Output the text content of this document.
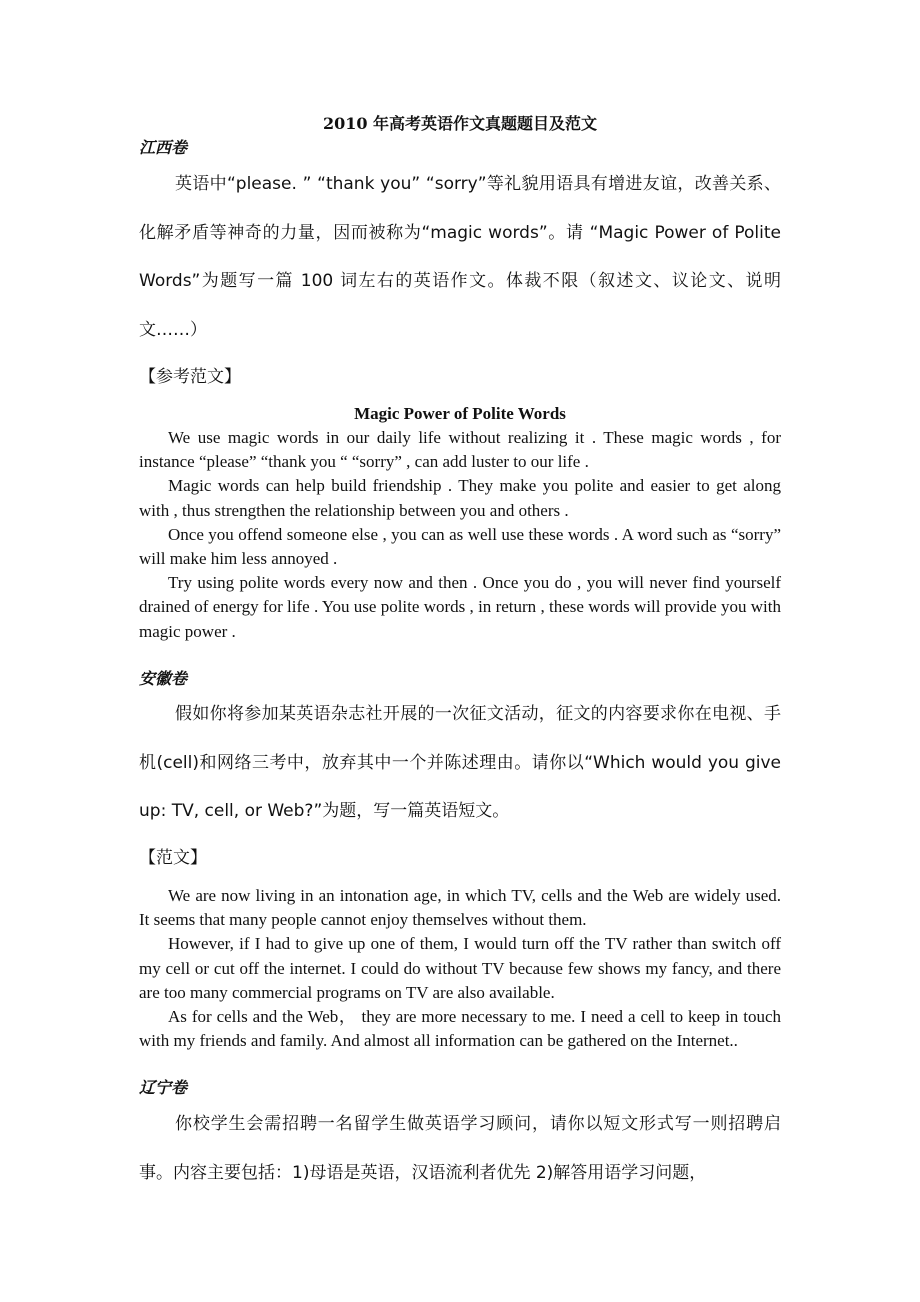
2010 年高考英语作文真题题目及范文
江西卷

英语中“please. ” “thank you” “sorry”等礼貌用语具有增进友谊，改善关系、化解矛盾等神奇的力量，因而被称为“magic words”。请 “Magic Power of Polite Words”为题写一篇 100 词左右的英语作文。体裁不限（叙述文、议论文、说明文……）

【参考范文】
Magic Power of Polite Words

We use magic words in our daily life without realizing it . These magic words , for instance “please” “thank you “ “sorry” , can add luster to our life .

Magic words can help build friendship . They make you polite and easier to get along with , thus strengthen the relationship between you and others .

Once you offend someone else , you can as well use these words . A word such as “sorry” will make him less annoyed .

Try using polite words every now and then . Once you do , you will never find yourself drained of energy for life . You use polite words , in return , these words will provide you with magic power .

安徽卷

假如你将参加某英语杂志社开展的一次征文活动，征文的内容要求你在电视、手机(cell)和网络三考中，放弃其中一个并陈述理由。请你以“Which would you give up: TV, cell, or Web?”为题，写一篇英语短文。

【范文】

We are now living in an intonation age, in which TV, cells and the Web are widely used. It seems that many people cannot enjoy themselves without them.

However, if I had to give up one of them, I would turn off the TV rather than switch off my cell or cut off the internet. I could do without TV because few shows my fancy, and there are too many commercial programs on TV are also available.

As for cells and the Web， they are more necessary to me. I need a cell to keep in touch with my friends and family. And almost all information can be gathered on the Internet..

辽宁卷

你校学生会需招聘一名留学生做英语学习顾问，请你以短文形式写一则招聘启事。内容主要包括：1)母语是英语，汉语流利者优先 2)解答用语学习问题，
